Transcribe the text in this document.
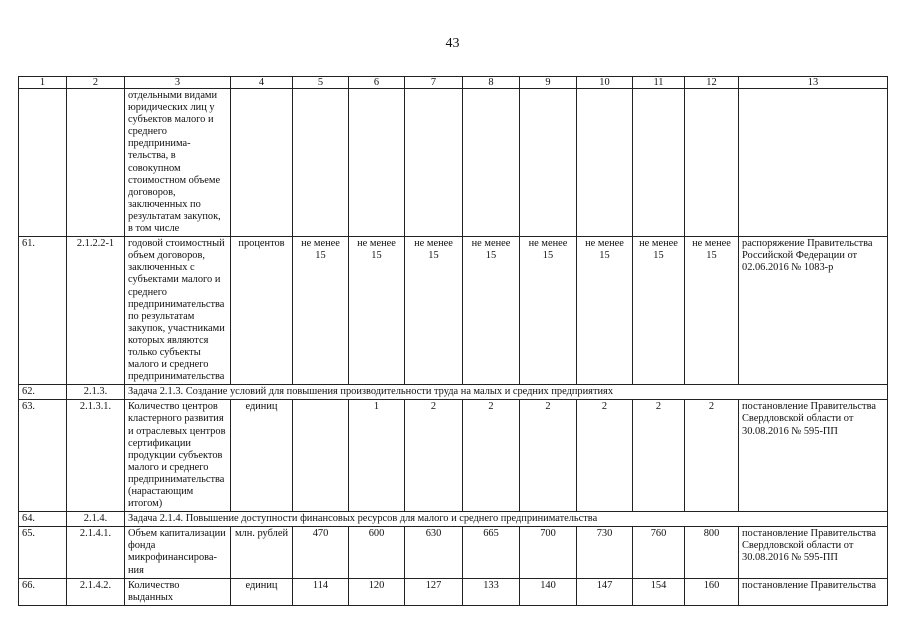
43
1	2	3	4	5	6	7	8	9	10	11	12	13
		отдельными видами юридических лиц у субъектов малого и среднего предпринима-тельства, в совокупном стоимостном объеме договоров, заключенных по результатам закупок, в том числе										
61.	2.1.2.2-1	годовой стоимостный объем договоров, заключенных с субъектами малого и среднего предпринимательства по результатам закупок, участниками которых являются только субъекты малого и среднего предпринимательства	процентов	не менее 15	не менее 15	не менее 15	не менее 15	не менее 15	не менее 15	не менее 15	не менее 15	распоряжение Правительства Российской Федерации от 02.06.2016 № 1083-р
62.	2.1.3.	Задача 2.1.3. Создание условий для повышения производительности труда на малых и средних предприятиях										
63.	2.1.3.1.	Количество центров кластерного развития и отраслевых центров сертификации продукции субъектов малого и среднего предпринимательства (нарастающим итогом)	единиц		1	2	2	2	2	2	2	постановление Правительства Свердловской области от 30.08.2016 № 595-ПП
64.	2.1.4.	Задача 2.1.4. Повышение доступности финансовых ресурсов для малого и среднего предпринимательства										
65.	2.1.4.1.	Объем капитализации фонда микрофинансирова-ния	млн. рублей	470	600	630	665	700	730	760	800	постановление Правительства Свердловской области от 30.08.2016 № 595-ПП
66.	2.1.4.2.	Количество выданных	единиц	114	120	127	133	140	147	154	160	постановление Правительства
